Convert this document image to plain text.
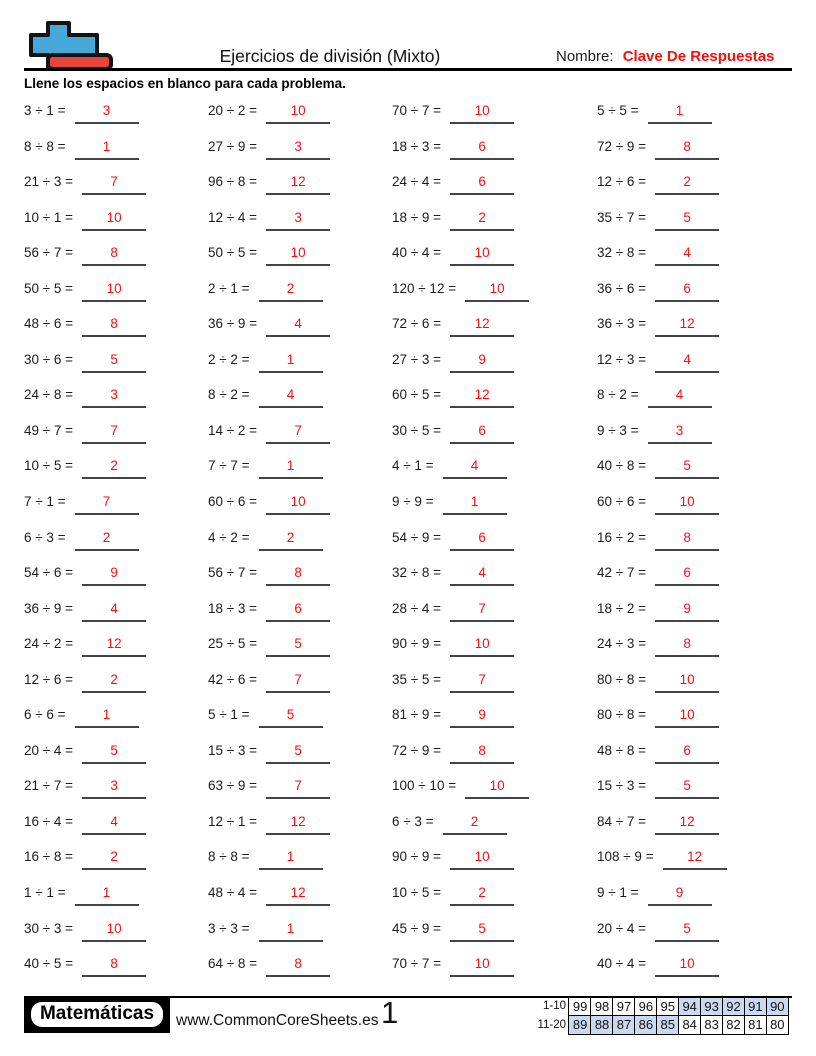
Ejercicios de división (Mixto)	Nombre: Clave De Respuestas
Llene los espacios en blanco para cada problema.
3 ÷ 1 =	3
8 ÷ 8 =	1
21 ÷ 3 =	7
10 ÷ 1 =	10
56 ÷ 7 =	8
50 ÷ 5 =	10
48 ÷ 6 =	8
30 ÷ 6 =	5
24 ÷ 8 =	3
49 ÷ 7 =	7
10 ÷ 5 =	2
7 ÷ 1 =	7
6 ÷ 3 =	2
54 ÷ 6 =	9
36 ÷ 9 =	4
24 ÷ 2 =	12
12 ÷ 6 =	2
6 ÷ 6 =	1
20 ÷ 4 =	5
21 ÷ 7 =	3
16 ÷ 4 =	4
16 ÷ 8 =	2
1 ÷ 1 =	1
30 ÷ 3 =	10
40 ÷ 5 =	8
20 ÷ 2 =	10
27 ÷ 9 =	3
96 ÷ 8 =	12
12 ÷ 4 =	3
50 ÷ 5 =	10
2 ÷ 1 =	2
36 ÷ 9 =	4
2 ÷ 2 =	1
8 ÷ 2 =	4
14 ÷ 2 =	7
7 ÷ 7 =	1
60 ÷ 6 =	10
4 ÷ 2 =	2
56 ÷ 7 =	8
18 ÷ 3 =	6
25 ÷ 5 =	5
42 ÷ 6 =	7
5 ÷ 1 =	5
15 ÷ 3 =	5
63 ÷ 9 =	7
12 ÷ 1 =	12
8 ÷ 8 =	1
48 ÷ 4 =	12
3 ÷ 3 =	1
64 ÷ 8 =	8
70 ÷ 7 =	10
18 ÷ 3 =	6
24 ÷ 4 =	6
18 ÷ 9 =	2
40 ÷ 4 =	10
120 ÷ 12 =	10
72 ÷ 6 =	12
27 ÷ 3 =	9
60 ÷ 5 =	12
30 ÷ 5 =	6
4 ÷ 1 =	4
9 ÷ 9 =	1
54 ÷ 9 =	6
32 ÷ 8 =	4
28 ÷ 4 =	7
90 ÷ 9 =	10
35 ÷ 5 =	7
81 ÷ 9 =	9
72 ÷ 9 =	8
100 ÷ 10 =	10
6 ÷ 3 =	2
90 ÷ 9 =	10
10 ÷ 5 =	2
45 ÷ 9 =	5
70 ÷ 7 =	10
5 ÷ 5 =	1
72 ÷ 9 =	8
12 ÷ 6 =	2
35 ÷ 7 =	5
32 ÷ 8 =	4
36 ÷ 6 =	6
36 ÷ 3 =	12
12 ÷ 3 =	4
8 ÷ 2 =	4
9 ÷ 3 =	3
40 ÷ 8 =	5
60 ÷ 6 =	10
16 ÷ 2 =	8
42 ÷ 7 =	6
18 ÷ 2 =	9
24 ÷ 3 =	8
80 ÷ 8 =	10
80 ÷ 8 =	10
48 ÷ 8 =	6
15 ÷ 3 =	5
84 ÷ 7 =	12
108 ÷ 9 =	12
9 ÷ 1 =	9
20 ÷ 4 =	5
40 ÷ 4 =	10
Matemáticas	www.CommonCoreSheets.es 1	1-10 99 98 97 96 95 94 93 92 91 90
11-20 89 88 87 86 85 84 83 82 81 80
